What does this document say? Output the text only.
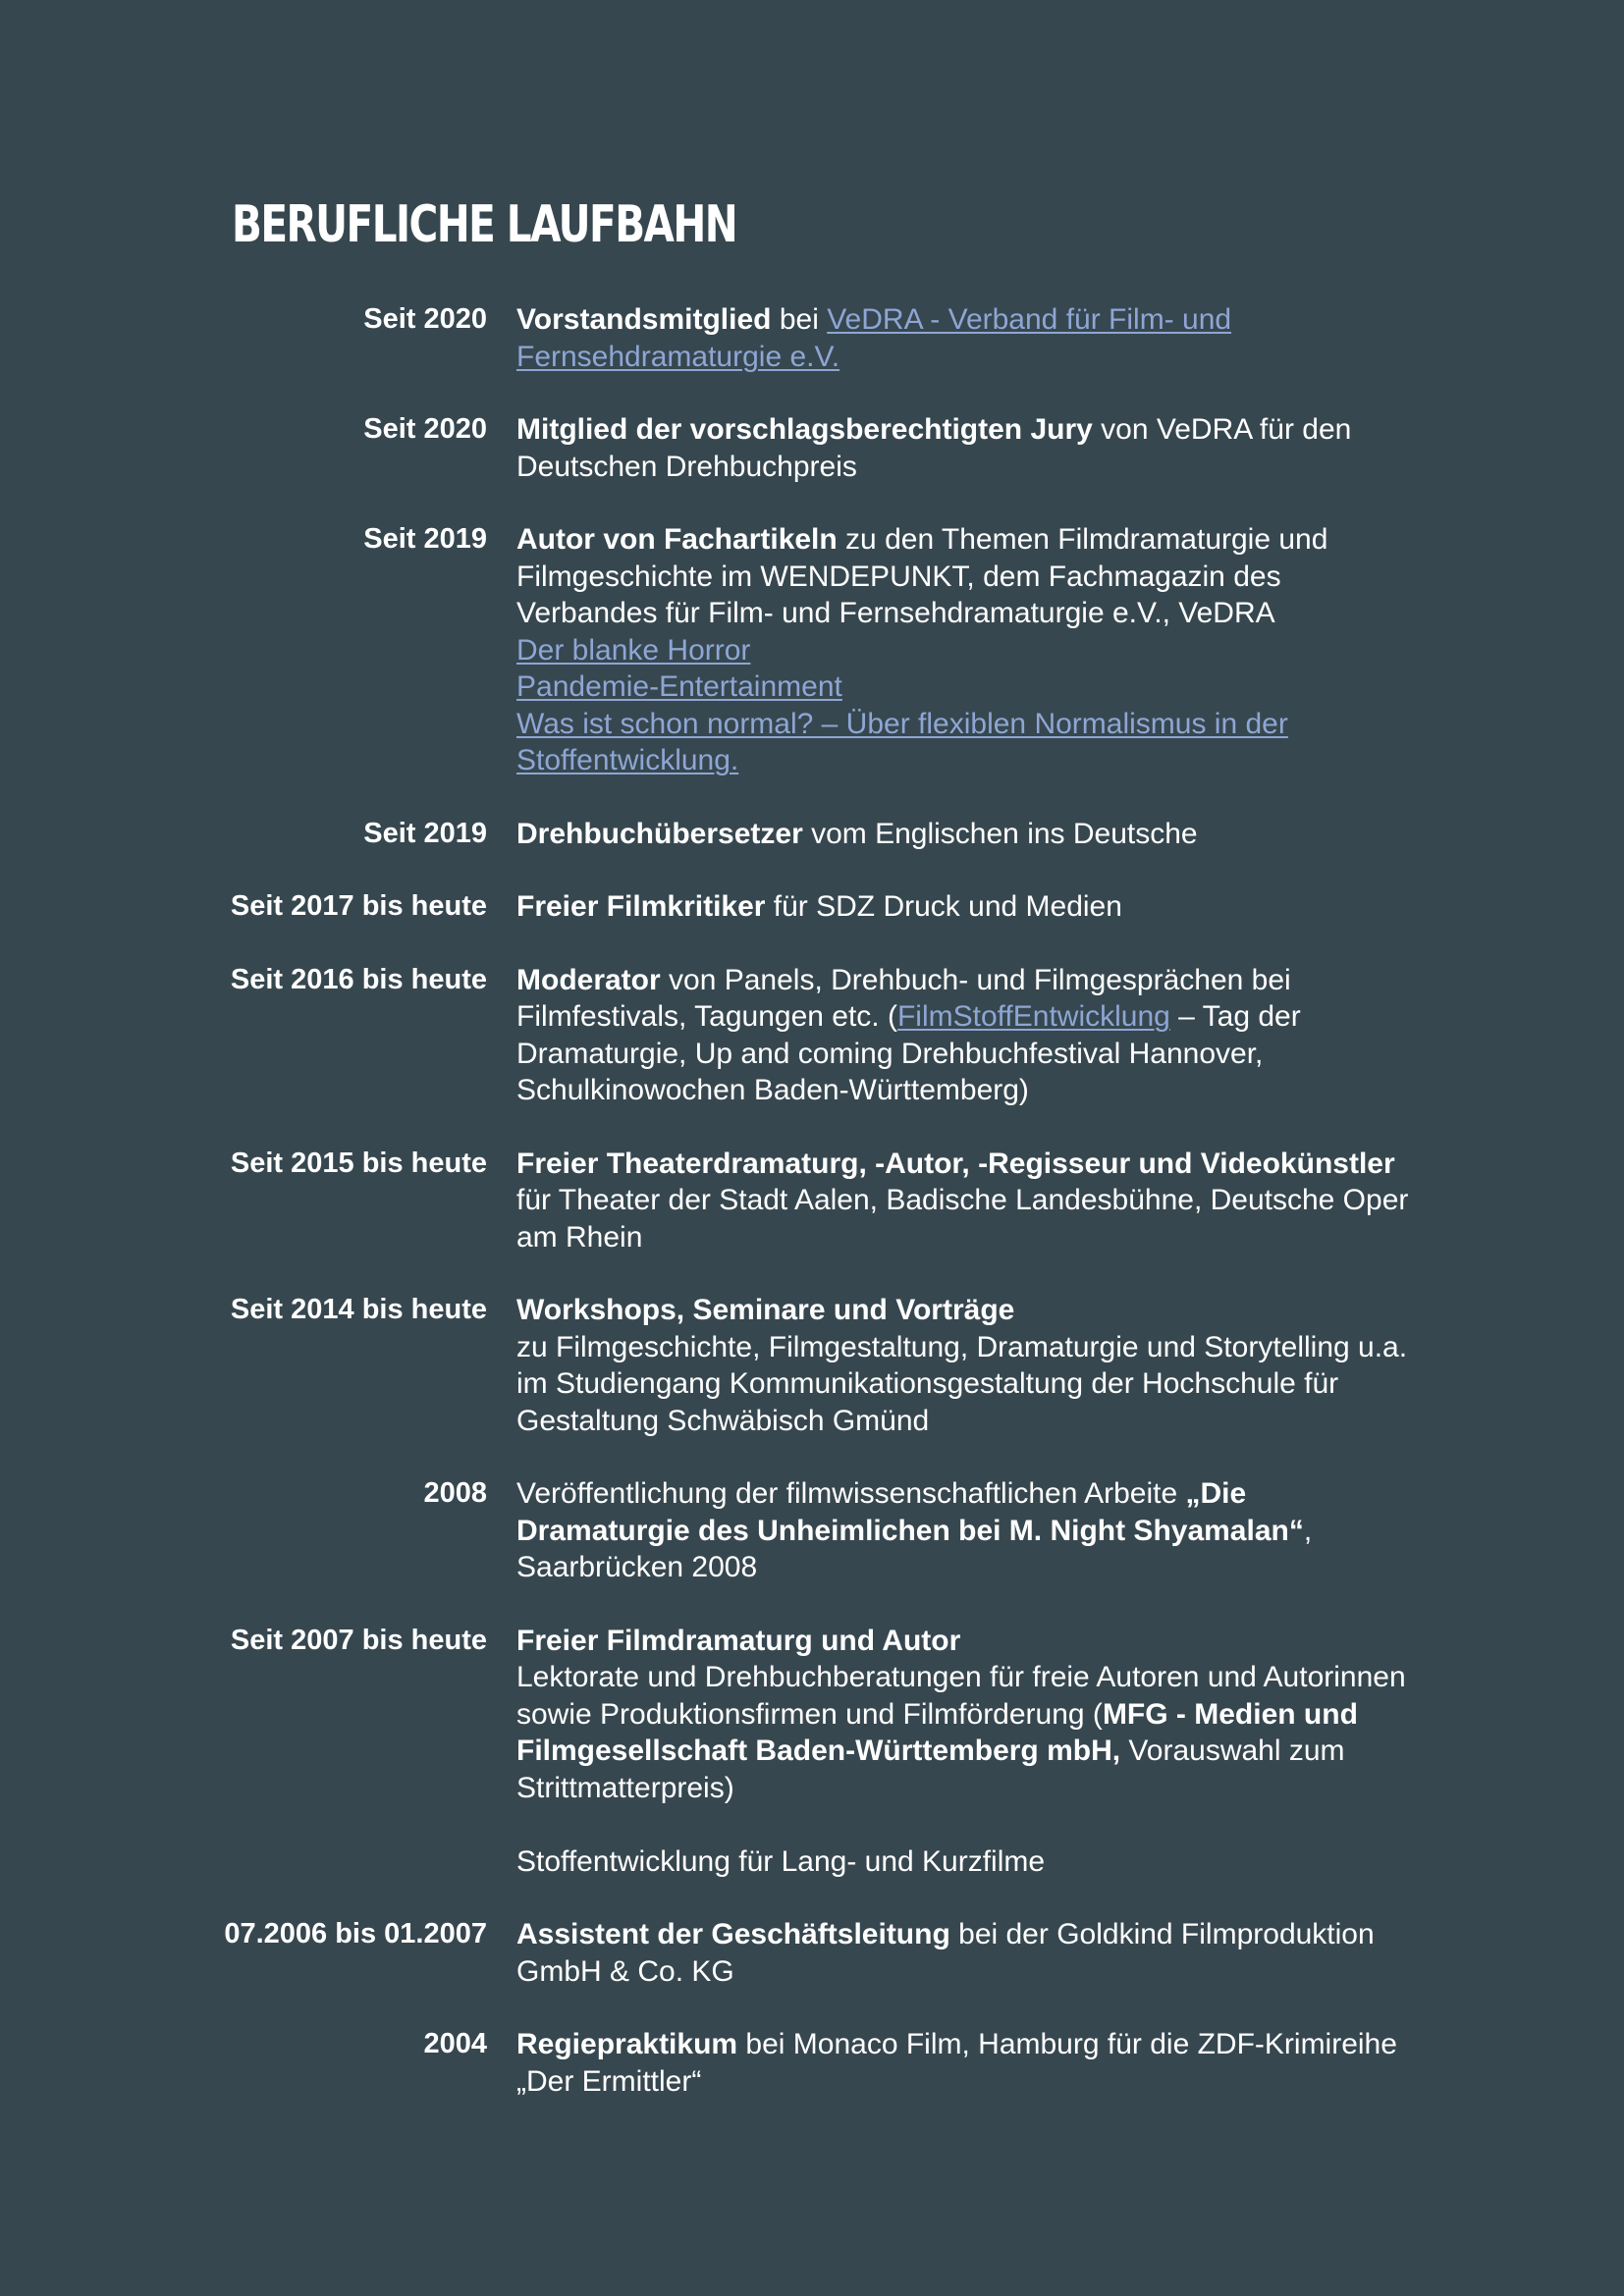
BERUFLICHE LAUFBAHN
Seit 2020 Vorstandsmitglied bei VeDRA - Verband für Film- und Fernsehdramaturgie e.V.
Seit 2020 Mitglied der vorschlagsberechtigten Jury von VeDRA für den Deutschen Drehbuchpreis
Seit 2019 Autor von Fachartikeln zu den Themen Filmdramaturgie und Filmgeschichte im WENDEPUNKT, dem Fachmagazin des Verbandes für Film- und Fernsehdramaturgie e.V., VeDRA
Der blanke Horror
Pandemie-Entertainment
Was ist schon normal? – Über flexiblen Normalismus in der Stoffentwicklung.
Seit 2019 Drehbuchübersetzer vom Englischen ins Deutsche
Seit 2017 bis heute Freier Filmkritiker für SDZ Druck und Medien
Seit 2016 bis heute Moderator von Panels, Drehbuch- und Filmgesprächen bei Filmfestivals, Tagungen etc. (FilmStoffEntwicklung – Tag der Dramaturgie, Up and coming Drehbuchfestival Hannover, Schulkinowochen Baden-Württemberg)
Seit 2015 bis heute Freier Theaterdramaturg, -Autor, -Regisseur und Videokünstler
für Theater der Stadt Aalen, Badische Landesbühne, Deutsche Oper am Rhein
Seit 2014 bis heute Workshops, Seminare und Vorträge
zu Filmgeschichte, Filmgestaltung, Dramaturgie und Storytelling u.a. im Studiengang Kommunikationsgestaltung der Hochschule für Gestaltung Schwäbisch Gmünd
2008 Veröffentlichung der filmwissenschaftlichen Arbeite „Die Dramaturgie des Unheimlichen bei M. Night Shyamalan“, Saarbrücken 2008
Seit 2007 bis heute Freier Filmdramaturg und Autor
Lektorate und Drehbuchberatungen für freie Autoren und Autorinnen sowie Produktionsfirmen und Filmförderung (MFG - Medien und Filmgesellschaft Baden-Württemberg mbH, Vorauswahl zum Strittmatterpreis)
Stoffentwicklung für Lang- und Kurzfilme
07.2006 bis 01.2007 Assistent der Geschäftsleitung bei der Goldkind Filmproduktion GmbH & Co. KG
2004 Regiepraktikum bei Monaco Film, Hamburg für die ZDF-Krimireihe „Der Ermittler“
